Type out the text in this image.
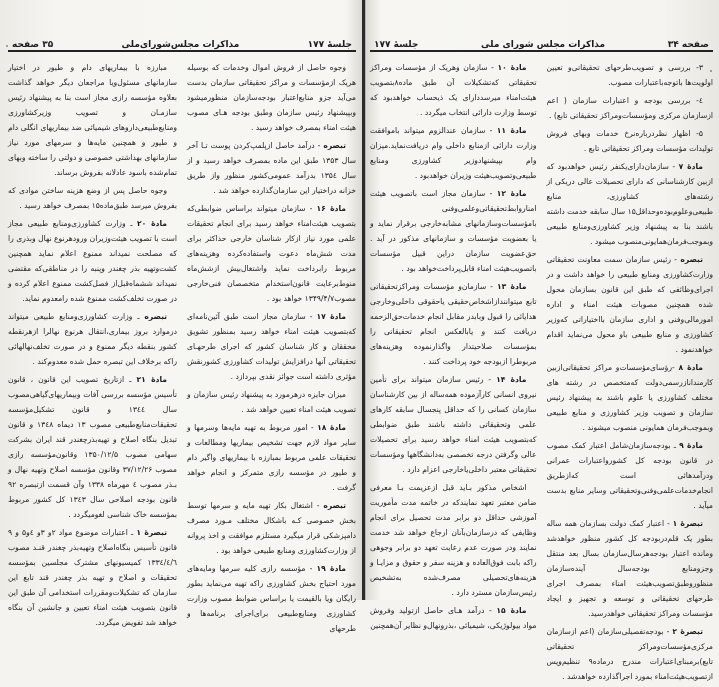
جلسهٔ ۱۷۷
مذاکرات مجلس‌شورای‌ملی
۳۵ صفحه

وجوه حاصل از فروش اموال وخدمات که بوسیله هریک ازمؤسسات و مراکز تحقیقاتی سازمان بدست می‌آید جزو منابع‌اعتبار بودجه‌سازمان منظورمیشود وبپیشنهاد رئیس سازمان وطبق بودجه هـای مصوب هیئت امناء بمصرف خواهد رسید .

تبصره - درآمد حاصل ازپلمپ‌کردن پوست تـا آخر سال ۱۳۵۳ طبق این ماده بمصرف خواهد رسید و از سال ۱۳۵٤ بدرآمد عمومی‌کشور منظور واز طریق خزانه دراختیار این سازمان‌گذارده خواهد شد .

مادهٔ ۱۶ - سازمان میتواند براساس ضوابطی‌که بتصویب هیئت‌امناء خواهد رسید برای انجام تحقیقات علمی مورد نیاز ازکار شناسان خارجی حداکثر برای مدت شش‌ماه دعوت واستفاده‌کرده وهزینه‌های مربوط رابرداخت نماید واشتغال‌بیش ازشش‌ماه منوط‌برعایت قانون‌استخدام متخصصان فنی‌خارجی مصوب۱۳۴۹/۴/۷ خواهد بود .

مادهٔ ۱۷ - سازمان مجاز است طبق آئین‌نامه‌ای که‌بتصویب هیئت امناء خواهد رسید بمنظور تشویق محققان و کار شناسان کشور که اجرای طرحهـای تحقیقاتی آنها درافزایش تولیدات کشاورزی کشورنقش مؤثری داشته است جوائز نقدی بپردازد .

میزان جایزه درهرمورد به پیشنهاد رئیس سازمان و تصویب هیئت امناء تعیین خواهد شد .

مادهٔ ۱۸ - امور مربوط به تهیه مایه‌ها وسرمها و سایر مواد لازم جهت تشخیص بیماریها ومطالعات و تحقیقات علمی مربوط بمبارزه با بیماریهای واگیر دام و طیور در مؤسسه رازی متمرکز و انجام خواهد گرفت .

تبصره - اشتغال بکار تهیه مایه و سرمها توسط بخش خصوصی کـه باشکال مختلف مـورد مصرف دامپزشکی قرار میگیرد مستلزم موافقت و اخذ پروانه از وزارت‌کشاورزی ومنابع طبیعی خواهد بود .

مادهٔ ۱۹ - مؤسسه رازی کلیه سرمها ومایه‌های مورد احتیاج بخش کشاورزی راکه تهیه می‌نماید بطور رایگان ویا بالقیمت یا براساس ضوابط مصوب وزارت کشاورزی ومنابع‌طبیعی برای‌اجرای برنامه‌ها و طرحهای

مبارزه با بیماریهای دام و طیور در اختیار سازمانهای مسئول‌ویا مراجعان دیگر خواهد گذاشت بعلاوه مؤسسه رازی مجاز است بنا به پیشنهاد رئیس سازمـان و تصویب وزیرکشاورزی ومنابع‌طبیعی‌داروهای شیمیائی ضد بیماریهای انگلی دام و طیور و همچنین مایه‌ها و سرمهای مورد نیاز سازمانهای بهداشتی خصوصی و دولتی را ساخته وبهای تمام‌شده باسود عادلانه بفروش برساند.

وجوه حاصل پس از وضع هزینه ساختن موادی که بفروش میرسد طبق‌ماده۱۵ بمصرف خواهد رسید .

مادهٔ ۲۰ ـ وزارت کشاورزی‌ومنابع طبیعی مجاز است با تصویب هیئت‌وزیران ورودهرنوع نهال وبذری را که مصلحت نمیداند ممنوع اعلام نماید همچنین کشت‌وتهیه بذر چغندر وپنبه را در مناطقی‌که مقتضی نمیداند ششماه‌قبل‌از فصل‌کشت ممنوع اعلام کرده و در صورت تخلف‌کشت ممنوع شده رامعدوم نماید.

تبصره ـ وزارت کشاورزی‌ومنابع طبیعی میتواند درموارد بروز بیماری،انتقال هرنوع نهالرا ازهرنقطه کشور بنقطه دیگر ممنوع و در صورت تخلف‌نهالهائی راکه برخلاف این تبصره حمل شده معدوم‌کند .

مادهٔ ۲۱ ـ ازتاریخ تصویب این قانون ، قانون تأسیس مؤسسه بررسی آفات وبیماریهای‌گیاهی‌مصوب سال ۱۳٤٤ و قانون تشکیل‌مؤسسه تحقیقات‌منابع‌طبیعی مصوب ۱۳ دیماه ۱۳٤۸ و قانون تبدیل بنگاه اصلاح و تهیه‌بذرچغندر قند ایران بشرکت سهامی مصوب ۱۳۵۰/۱۲/۵ وقانون‌مؤسسه رازی مصوب ۳۷/۱۲/۲۶ وقانون مؤسسه اصلاح وتهیه نهال و بـذر مصوب ٤ مهرماه ۱۳۳۸ وآن قسمت ازتبصره ۹۲ قانون بودجه اصلاحی سال ۱۳٤۳ کل کشور مربوط بمؤسسه خاک شناسی لغومیگردد .

تبصرهٔ ۱ ـ اعتبارات موضوع مواد ۲و ۳و ٤و۵ و ۹ قانون تأسیس بنگاه‌اصلاح وتهیه‌بذر چغندر قنـد مصوب ۱۳۳٤/٤/٦ کمیسیونهای مشترک مجلسین بمؤسسه تحقیقات و اصلاح و تهیه بذر چغندر قند تابع این سازمان که تشکیلات‌ومقررات استخدامی آن طبق این قانون بتصویب هیئت امناء تعیین و جانشین آن بنگاه خواهد شد تفویض میگردد.

صفحه ۳۴
مذاکرات مجلس شورای ملی
جلسهٔ ۱۷۷

۳- بررسی و تصویب‌طرحهای تحقیقاتی‌و تعیین اولویت‌ها باتوجه‌باعتبارات مصوب.

٤- بررسی بودجه و اعتبارات سازمان ( اعم ازسازمان مرکزی ومؤسسات‌ومراکز تحقیقاتی تابع) .

۵- اظهار نظردرباره‌نرخ خدمات وبهای فروش تولیدات مؤسسات ومراکز تحقیقاتی تابع .

مادهٔ ۷ - سازمان‌دارای‌یکنفر رئیس خواهدبود که ازبین کارشناسانی که دارای تحصیلات عالی دریکی از رشته‌های کشاورزی، منابع طبیعی‌وعلوم‌بوده‌وحداقل۱۵ سال سابقه خدمت داشته باشند بنا به پیشنهاد وزیر کشاورزی‌ومنابع طبیعی وبموجب‌فرمان‌همایونی‌منصوب میشود .

تبصره - رئیس سازمان سمت معاونت تحقیقاتی وزارت‌کشاورزی ومنابع طبیعی را خواهد داشت و در اجرای‌وظائفی که طبق این قانون بسازمان محول شده همچنین مصوبات هیئت امناء و اداره امورمالی‌وفنی و اداری سازمان بااختیاراتی که‌وزیر کشاورزی و منابع طبیعی باو محول می‌نماید اقدام خواهدنمود .

مادهٔ ۸ -رؤسای‌مؤسسات‌و مراکز تحقیقاتی‌ازبین کارمنداناز‌رسمی‌دولت که‌متخصص در رشته های مختلف کشاورزی یا علوم باشند به پیشنهاد رئیس سازمان و تصویب وزیر کشاورزی و منابع طبیعی وبموجب‌فرمان همایونی منصوب میشوند .

مادهٔ ۹ ـ بودجه‌سازمان‌شامل اعتبار کمک مصوب در قانون بودجه کل کشورواعتبارات عمرانی ودرآمد‌هائی است که‌ازطریق انجام‌خدمات‌علمی‌وفنی‌وتحقیقاتی وسایر منابع بدست میآید .

تبصرهٔ ۱ - اعتبار کمک دولت بسازمان همه ساله بطور یک قلم‌دربودجه کل کشور منظور خواهدشد ومانده اعتبار بودجه‌هرسال‌سازمان بسال بعد منتقل وجزومنابع بودجه‌سال آینده‌سازمان منظوروطبق‌تصویب‌هیئت امناء بمصرف اجرای طرحهای تحقیقاتی و توسعه و تجهیز و ایجاد مؤسسات ومراکز تحقیقاتی خواهدرسید.

تبصرهٔ ۲ - بودجه‌تفصیلی‌سازمان (اعم ازسازمان مرکزی‌مؤسسات‌ومراکز تحقیقاتی تابع)برمبنای‌اعتبارات مندرج درماده۹ تنظیم‌وپس ازتصویب‌هیئت‌امناء بمورد اجراگذارده خواهدشد .

مادهٔ ۱۰ - سازمان وهریک از مؤسسات ومراکز تحقیقاتی که‌تشکیلات آن طبق ماده۸بتصویب هیئت‌امناء میرسددارای یک ذیحساب خواهدبود که توسط وزارت دارائی انتخاب میگردد .

مادهٔ ۱۱ - سازمان عندالزوم میتواند باموافقت وزارت دارائی ازمنابع داخلی وام دریافت‌نماید.میزان وام بپیشنهادوزیر کشاورزی ومنابع طبیعی‌وتصویب‌هیئت وزیران خواهدبود .

مادهٔ ۱۲ - سازمان مجاز است باتصویب هیئت امناروابط‌تحقیقاتی‌وعلمی‌وفنی بامؤسسات‌وسازمانهای مشابه‌خارجی برقرار نماید و یا بعضویت مؤسسات و سازمانهای مذکور در آید . حق‌عضویت سازمان دراین قبیل مؤسسات باتصویب‌هیئت امناء قابل‌پرداخت‌خواهد بود .

مادهٔ ۱۳ - سازمان‌و مؤسسات ومراکز‌تحقیقاتی تابع میتوانندازاشخاص‌حقیقی یاحقوقی داخلی‌وخارجی هدایائی را قبول وبابدر مقابل انجام خدمات‌حق‌الزحمه دریافت کنند و یابالعکس انجام تحقیقاتی را بمؤسسات صلاحیتدار واگذارنموده وهزینه‌های مربوطرا ازبودجه خود پرداخت کنند .

مادهٔ ۱۴ - رئیس سازمان میتواند برای تأمین نیروی انسانی کارآزموده همه‌ساله از بین کارشناسان سازمان کسانی را که حداقل پنجسال سابقه کارهای علمی وتحقیقاتی داشته باشند طبق ضوابطی که‌بتصویب هیئت امناء خواهد رسید برای تحصیلات عالی وگرفتن درجه تخصصی به‌دانشگاهها ومؤسسات تحقیقاتی معتبر داخلی‌یاخارجی اعزام دارد .

اشخاص مذکور بـاید قبل ازعزیمت بـا معرفی ضامن معتبر تعهد نمایندکه در خاتمه مدت مأموریت آموزشی حداقل دو برابر مدت تحصیل برای انجام وظایفی که درسازمان‌بآنان ارجاع خواهد شد خدمت نمایند ودر صورت عدم رعایت تعهد دو برابر وجوهی راکه بابت فوق‌العاده و هزینه سفر و حقوق و مزایـا و هزینه‌های‌تحصیلی مصرف‌شده به‌تشخیص رئیس‌سازمان مسترد دارد .

مادهٔ ۱۵ - درآمد هـای حاصل از‌تولید وفروش مواد بیولوژیکی، شیمیائی ،بذرونهال‌و نظایر آن‌همچنین
